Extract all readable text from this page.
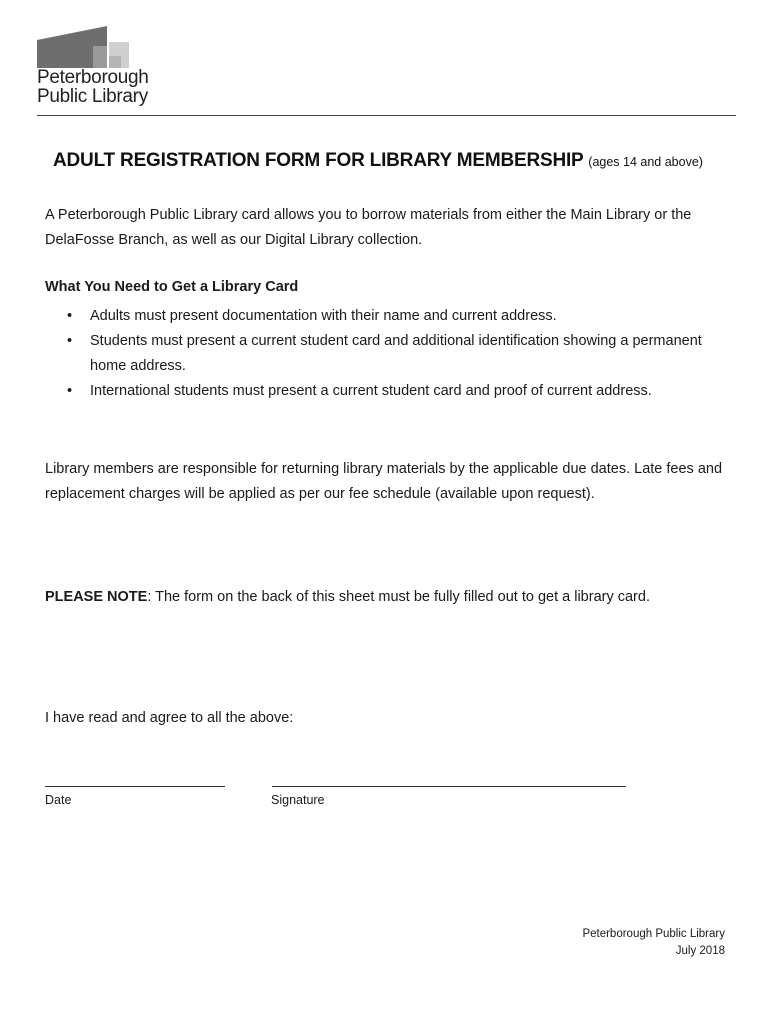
Peterborough
Public Library
ADULT REGISTRATION FORM FOR LIBRARY MEMBERSHIP (ages 14 and above)
A Peterborough Public Library card allows you to borrow materials from either the Main Library or the DelaFosse Branch, as well as our Digital Library collection.
What You Need to Get a Library Card
• Adults must present documentation with their name and current address.
• Students must present a current student card and additional identification showing a permanent home address.
• International students must present a current student card and proof of current address.
Library members are responsible for returning library materials by the applicable due dates. Late fees and replacement charges will be applied as per our fee schedule (available upon request).
PLEASE NOTE: The form on the back of this sheet must be fully filled out to get a library card.
I have read and agree to all the above:
Date	Signature
Peterborough Public Library
July 2018
